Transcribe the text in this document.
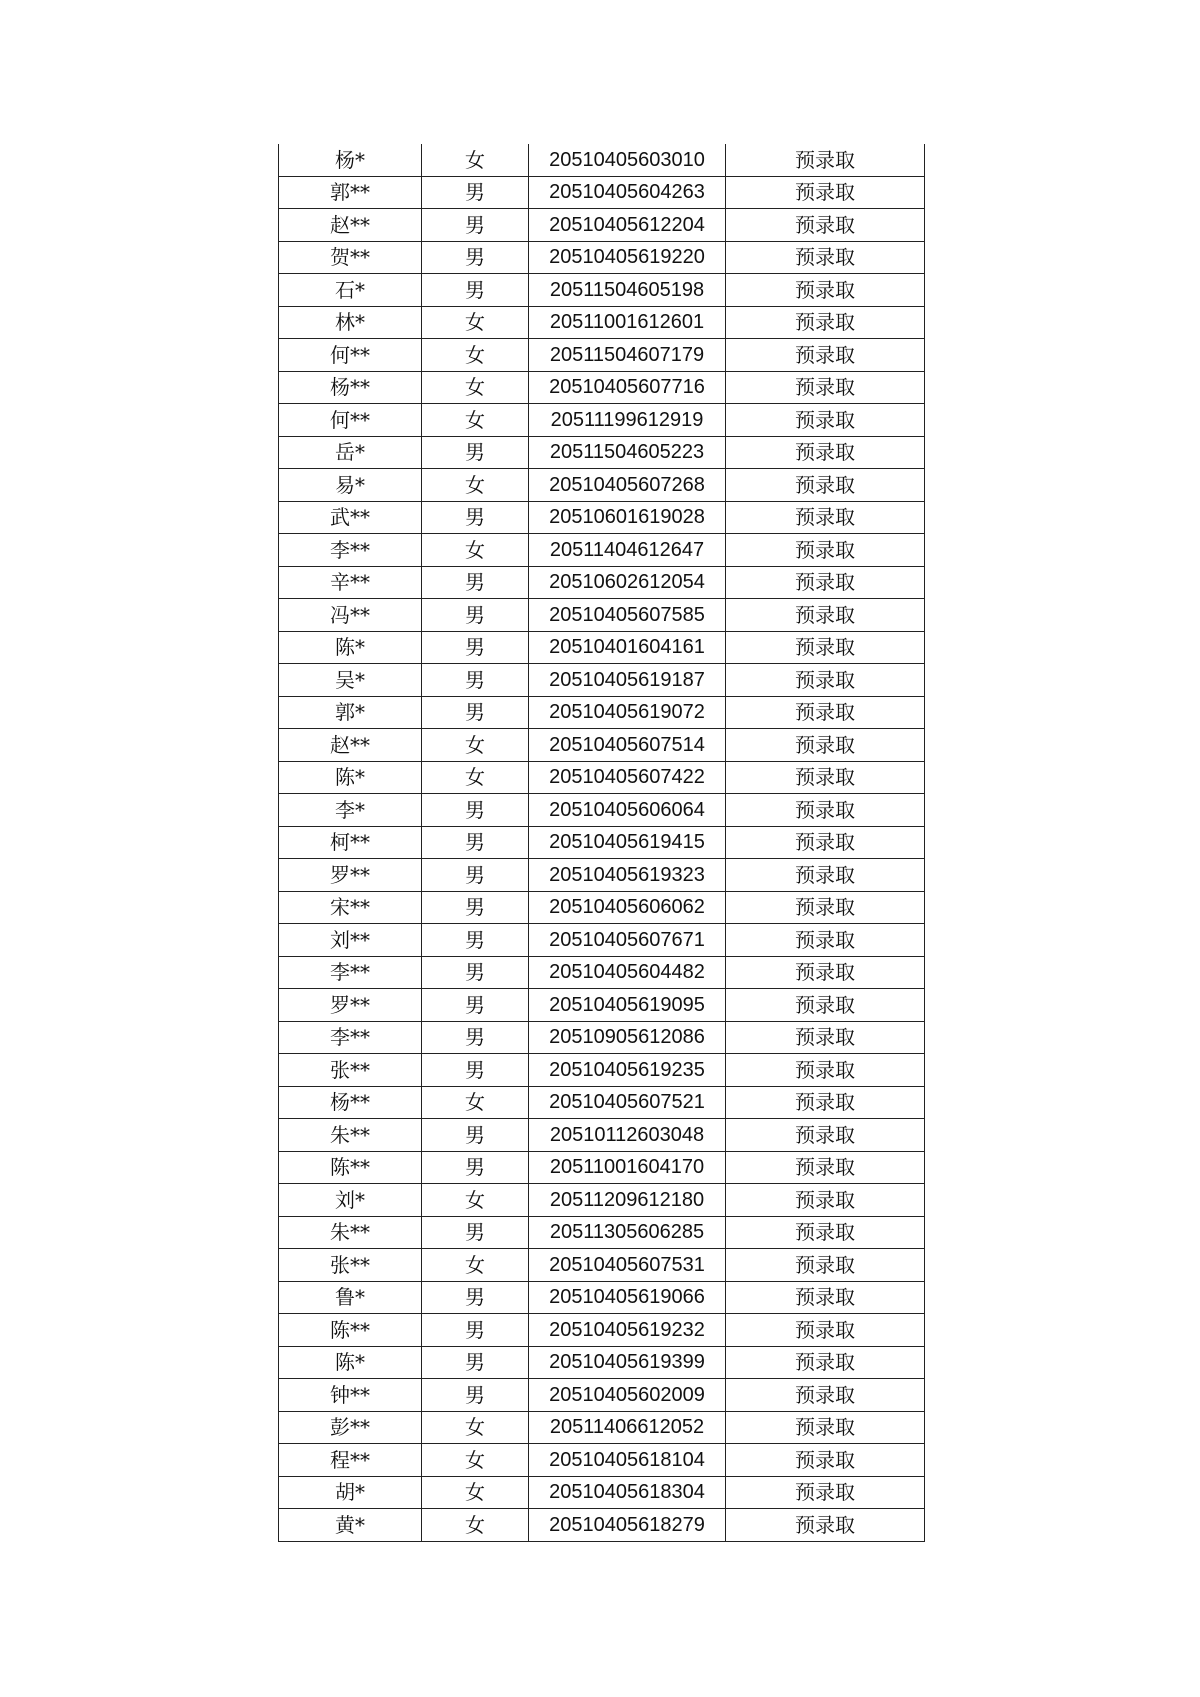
杨*	女	20510405603010	预录取
郭**	男	20510405604263	预录取
赵**	男	20510405612204	预录取
贺**	男	20510405619220	预录取
石*	男	20511504605198	预录取
林*	女	20511001612601	预录取
何**	女	20511504607179	预录取
杨**	女	20510405607716	预录取
何**	女	20511199612919	预录取
岳*	男	20511504605223	预录取
易*	女	20510405607268	预录取
武**	男	20510601619028	预录取
李**	女	20511404612647	预录取
辛**	男	20510602612054	预录取
冯**	男	20510405607585	预录取
陈*	男	20510401604161	预录取
吴*	男	20510405619187	预录取
郭*	男	20510405619072	预录取
赵**	女	20510405607514	预录取
陈*	女	20510405607422	预录取
李*	男	20510405606064	预录取
柯**	男	20510405619415	预录取
罗**	男	20510405619323	预录取
宋**	男	20510405606062	预录取
刘**	男	20510405607671	预录取
李**	男	20510405604482	预录取
罗**	男	20510405619095	预录取
李**	男	20510905612086	预录取
张**	男	20510405619235	预录取
杨**	女	20510405607521	预录取
朱**	男	20510112603048	预录取
陈**	男	20511001604170	预录取
刘*	女	20511209612180	预录取
朱**	男	20511305606285	预录取
张**	女	20510405607531	预录取
鲁*	男	20510405619066	预录取
陈**	男	20510405619232	预录取
陈*	男	20510405619399	预录取
钟**	男	20510405602009	预录取
彭**	女	20511406612052	预录取
程**	女	20510405618104	预录取
胡*	女	20510405618304	预录取
黄*	女	20510405618279	预录取
